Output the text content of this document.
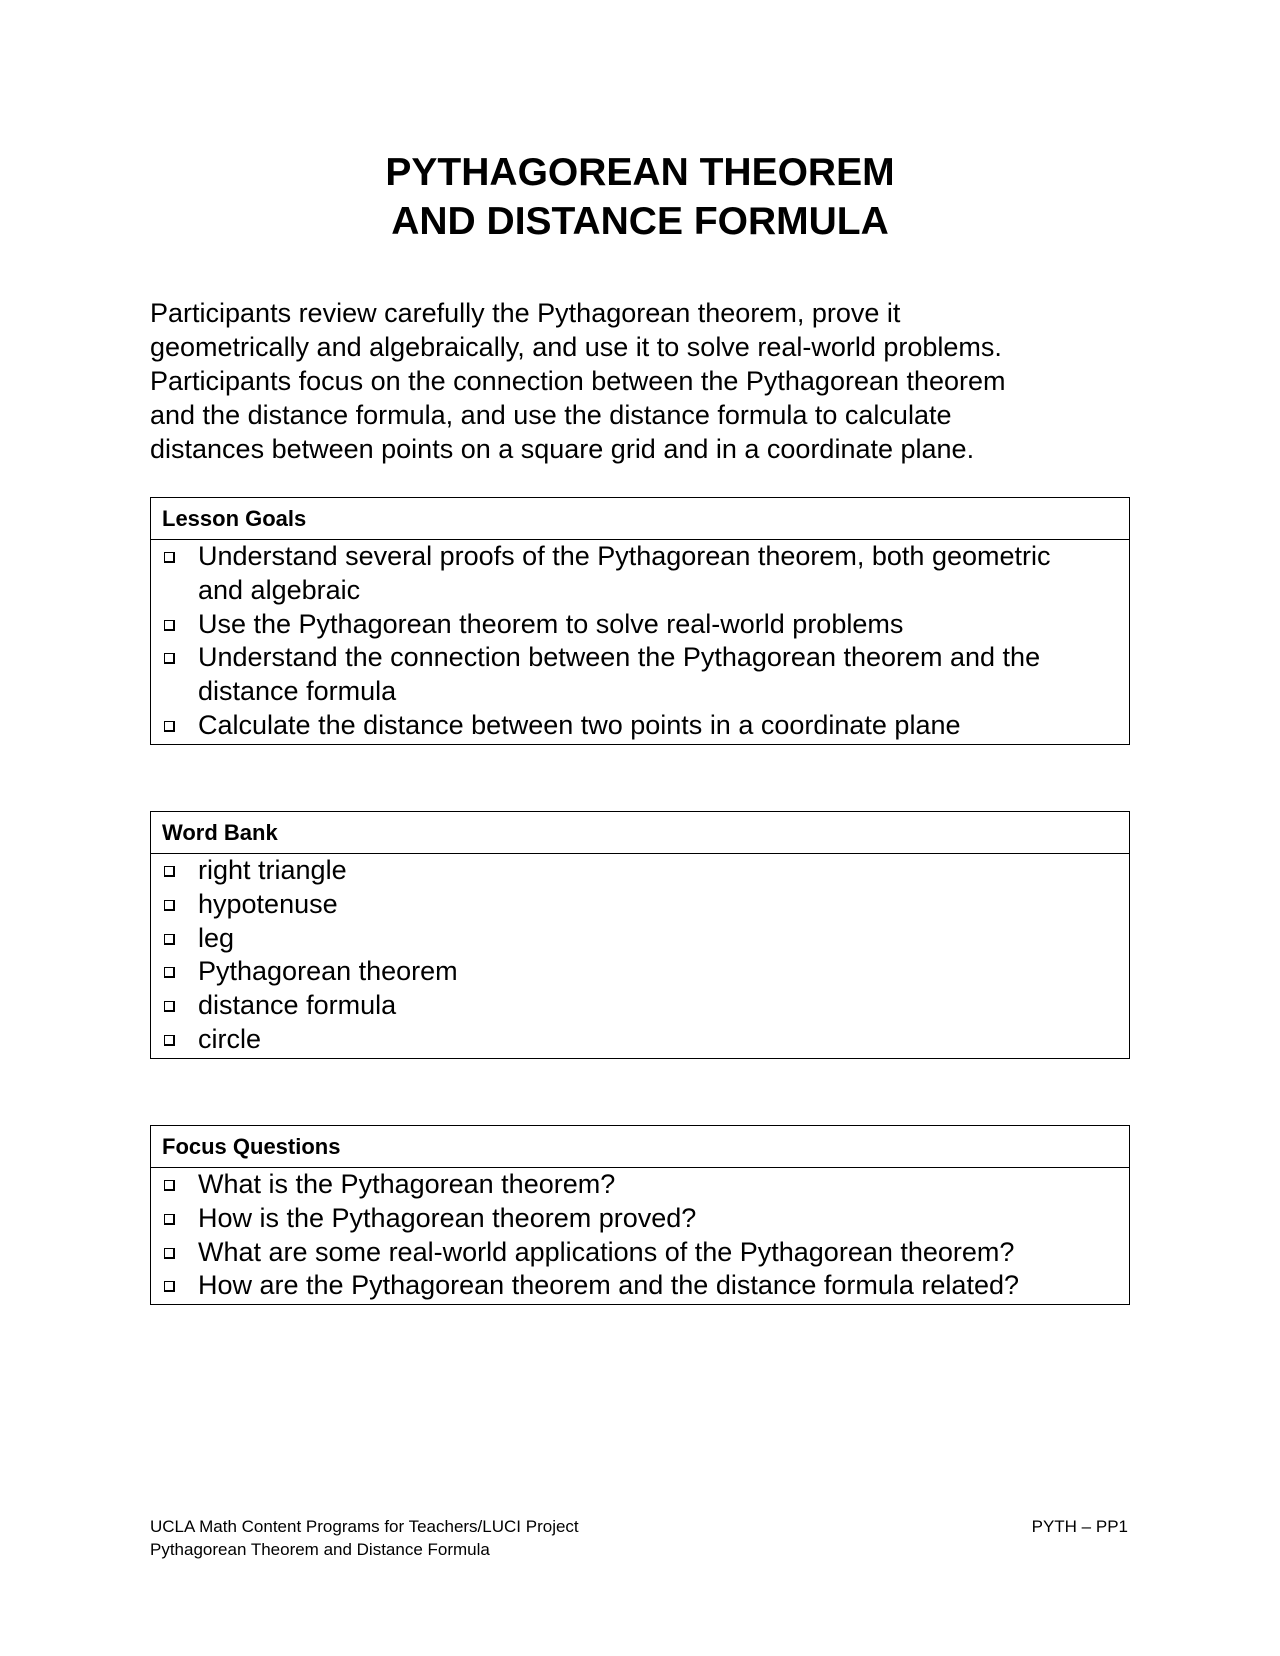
PYTHAGOREAN THEOREM
AND DISTANCE FORMULA

Participants review carefully the Pythagorean theorem, prove it
geometrically and algebraically, and use it to solve real-world problems.
Participants focus on the connection between the Pythagorean theorem
and the distance formula, and use the distance formula to calculate
distances between points on a square grid and in a coordinate plane.

Lesson Goals
Understand several proofs of the Pythagorean theorem, both geometric and algebraic
Use the Pythagorean theorem to solve real-world problems
Understand the connection between the Pythagorean theorem and the distance formula
Calculate the distance between two points in a coordinate plane
Word Bank
right triangle
hypotenuse
leg
Pythagorean theorem
distance formula
circle
Focus Questions
What is the Pythagorean theorem?
How is the Pythagorean theorem proved?
What are some real-world applications of the Pythagorean theorem?
How are the Pythagorean theorem and the distance formula related?
UCLA Math Content Programs for Teachers/LUCI Project
Pythagorean Theorem and Distance Formula
PYTH – PP1
